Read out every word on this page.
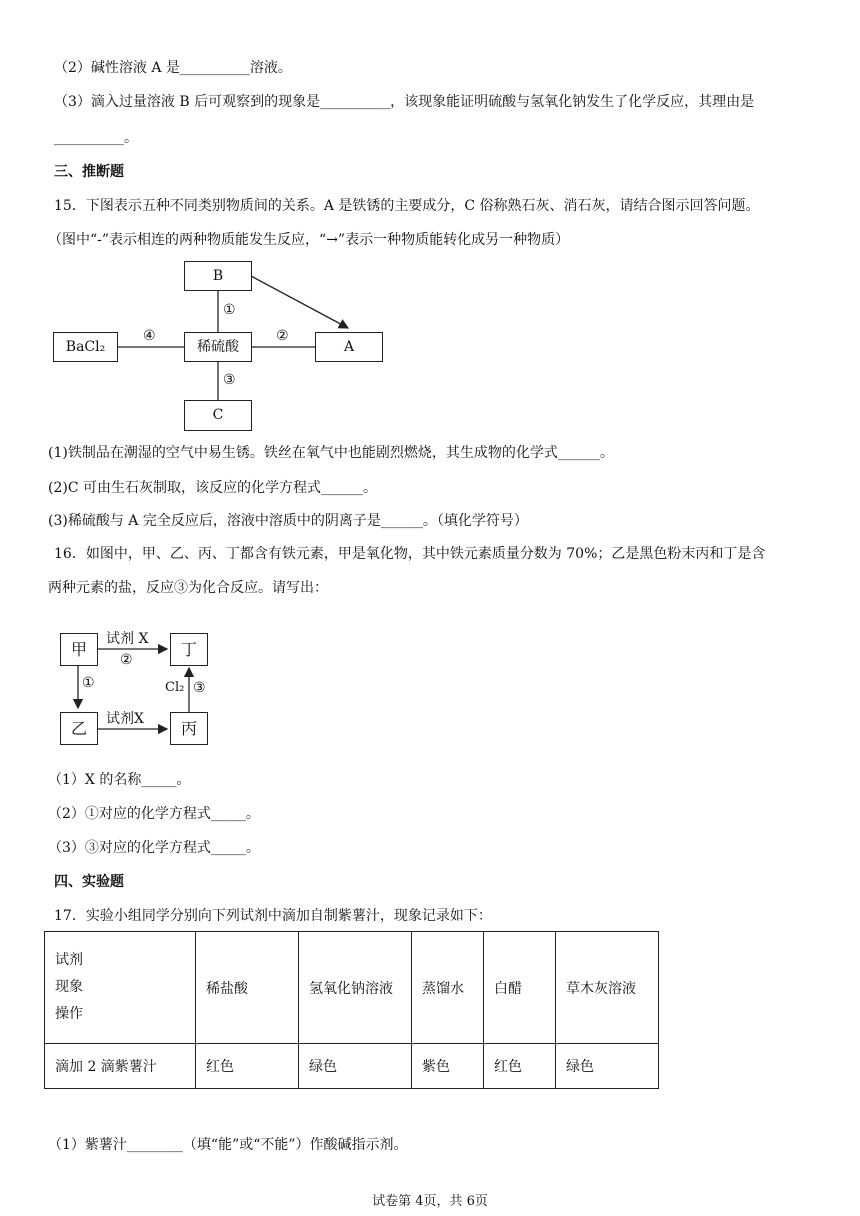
（2）碱性溶液 A 是__________溶液。
（3）滴入过量溶液 B 后可观察到的现象是__________，该现象能证明硫酸与氢氧化钠发生了化学反应，其理由是
__________。
三、推断题
15．下图表示五种不同类别物质间的关系。A 是铁锈的主要成分，C 俗称熟石灰、消石灰，请结合图示回答问题。
（图中“-”表示相连的两种物质能发生反应，“→”表示一种物质能转化成另一种物质）
B
BaCl₂	稀硫酸	A
C
①
②
③
④
(1)铁制品在潮湿的空气中易生锈。铁丝在氧气中也能剧烈燃烧，其生成物的化学式______。
(2)C 可由生石灰制取，该反应的化学方程式______。
(3)稀硫酸与 A 完全反应后，溶液中溶质中的阴离子是______。（填化学符号）
16．如图中，甲、乙、丙、丁都含有铁元素，甲是氧化物，其中铁元素质量分数为 70%；乙是黑色粉末丙和丁是含
两种元素的盐，反应③为化合反应。请写出：
甲	丁
乙	丙
试剂 X
②
试剂X
①	Cl₂ ③
（1）X 的名称_____。
（2）①对应的化学方程式_____。
（3）③对应的化学方程式_____。
四、实验题
17．实验小组同学分别向下列试剂中滴加自制紫薯汁，现象记录如下：
试剂
现象
操作	稀盐酸	氢氧化钠溶液	蒸馏水	白醋	草木灰溶液
滴加 2 滴紫薯汁	红色	绿色	紫色	红色	绿色
（1）紫薯汁________（填“能”或“不能”）作酸碱指示剂。
试卷第 4页，共 6页
